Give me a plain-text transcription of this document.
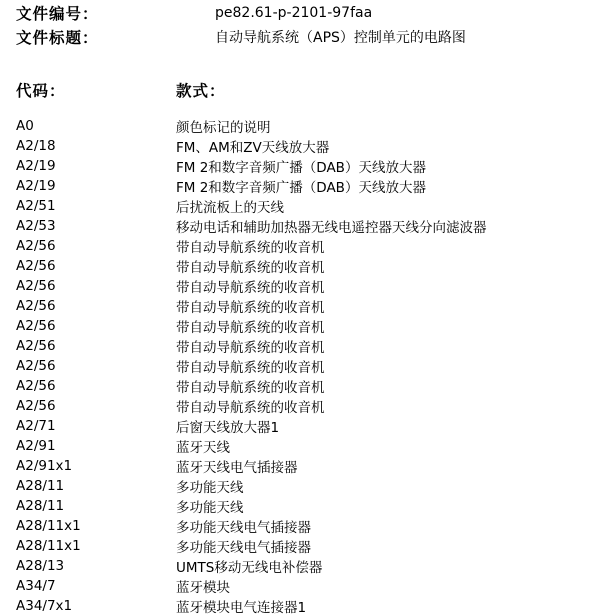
文件编号：	pe82.61-p-2101-97faa
文件标题：	自动导航系统（APS）控制单元的电路图
代码：	款式：
A0	颜色标记的说明
A2/18	FM、AM和ZV天线放大器
A2/19	FM 2和数字音频广播（DAB）天线放大器
A2/19	FM 2和数字音频广播（DAB）天线放大器
A2/51	后扰流板上的天线
A2/53	移动电话和辅助加热器无线电遥控器天线分向滤波器
A2/56	带自动导航系统的收音机
A2/56	带自动导航系统的收音机
A2/56	带自动导航系统的收音机
A2/56	带自动导航系统的收音机
A2/56	带自动导航系统的收音机
A2/56	带自动导航系统的收音机
A2/56	带自动导航系统的收音机
A2/56	带自动导航系统的收音机
A2/56	带自动导航系统的收音机
A2/71	后窗天线放大器1
A2/91	蓝牙天线
A2/91x1	蓝牙天线电气插接器
A28/11	多功能天线
A28/11	多功能天线
A28/11x1	多功能天线电气插接器
A28/11x1	多功能天线电气插接器
A28/13	UMTS移动无线电补偿器
A34/7	蓝牙模块
A34/7x1	蓝牙模块电气连接器1
